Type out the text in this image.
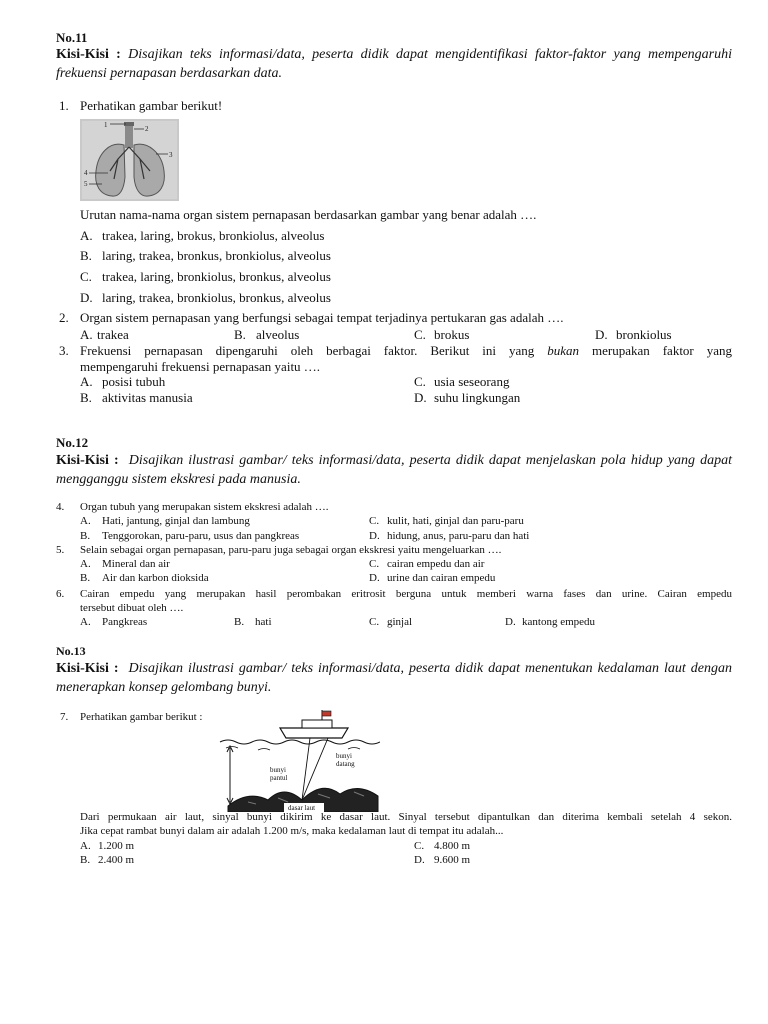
No.11
Kisi-Kisi : Disajikan teks informasi/data, peserta didik dapat mengidentifikasi faktor-faktor yang mempengaruhi frekuensi pernapasan berdasarkan data.
1. Perhatikan gambar berikut!
1	2
3
4
5
Urutan nama-nama organ sistem pernapasan berdasarkan gambar yang benar adalah ….
A. trakea, laring, brokus, bronkiolus, alveolus
B. laring, trakea, bronkus, bronkiolus, alveolus
C. trakea, laring, bronkiolus, bronkus, alveolus
D. laring, trakea, bronkiolus, bronkus, alveolus
2. Organ sistem pernapasan yang berfungsi sebagai tempat terjadinya pertukaran gas adalah ….
A. trakea	B. alveolus	C. brokus	D. bronkiolus
3. Frekuensi pernapasan dipengaruhi oleh berbagai faktor. Berikut ini yang bukan merupakan faktor yang
mempengaruhi frekuensi pernapasan yaitu ….
A. posisi tubuh
B. aktivitas manusia
C. usia seseorang
D. suhu lingkungan
No.12
Kisi-Kisi : Disajikan ilustrasi gambar/ teks informasi/data, peserta didik dapat menjelaskan pola hidup yang dapat mengganggu sistem ekskresi pada manusia.
4. Organ tubuh yang merupakan sistem ekskresi adalah ….
A. Hati, jantung, ginjal dan lambung
B. Tenggorokan, paru-paru, usus dan pangkreas
C. kulit, hati, ginjal dan paru-paru
D. hidung, anus, paru-paru dan hati
5. Selain sebagai organ pernapasan, paru-paru juga sebagai organ ekskresi yaitu mengeluarkan ….
A. Mineral dan air
B. Air dan karbon dioksida
C. cairan empedu dan air
D. urine dan cairan empedu
6. Cairan empedu yang merupakan hasil perombakan eritrosit berguna untuk memberi warna fases dan urine. Cairan empedu
tersebut dibuat oleh ….
A. Pangkreas	B. hati	C. ginjal	D. kantong empedu
No.13
Kisi-Kisi : Disajikan ilustrasi gambar/ teks informasi/data, peserta didik dapat menentukan kedalaman laut dengan menerapkan konsep gelombang bunyi.
7. Perhatikan gambar berikut :
bunyi datang
bunyi pantul
dasar laut
Dari permukaan air laut, sinyal bunyi dikirim ke dasar laut. Sinyal tersebut dipantulkan dan diterima kembali setelah 4 sekon.
Jika cepat rambat bunyi dalam air adalah 1.200 m/s, maka kedalaman laut di tempat itu adalah...
A. 1.200 m
B. 2.400 m
C. 4.800 m
D. 9.600 m
